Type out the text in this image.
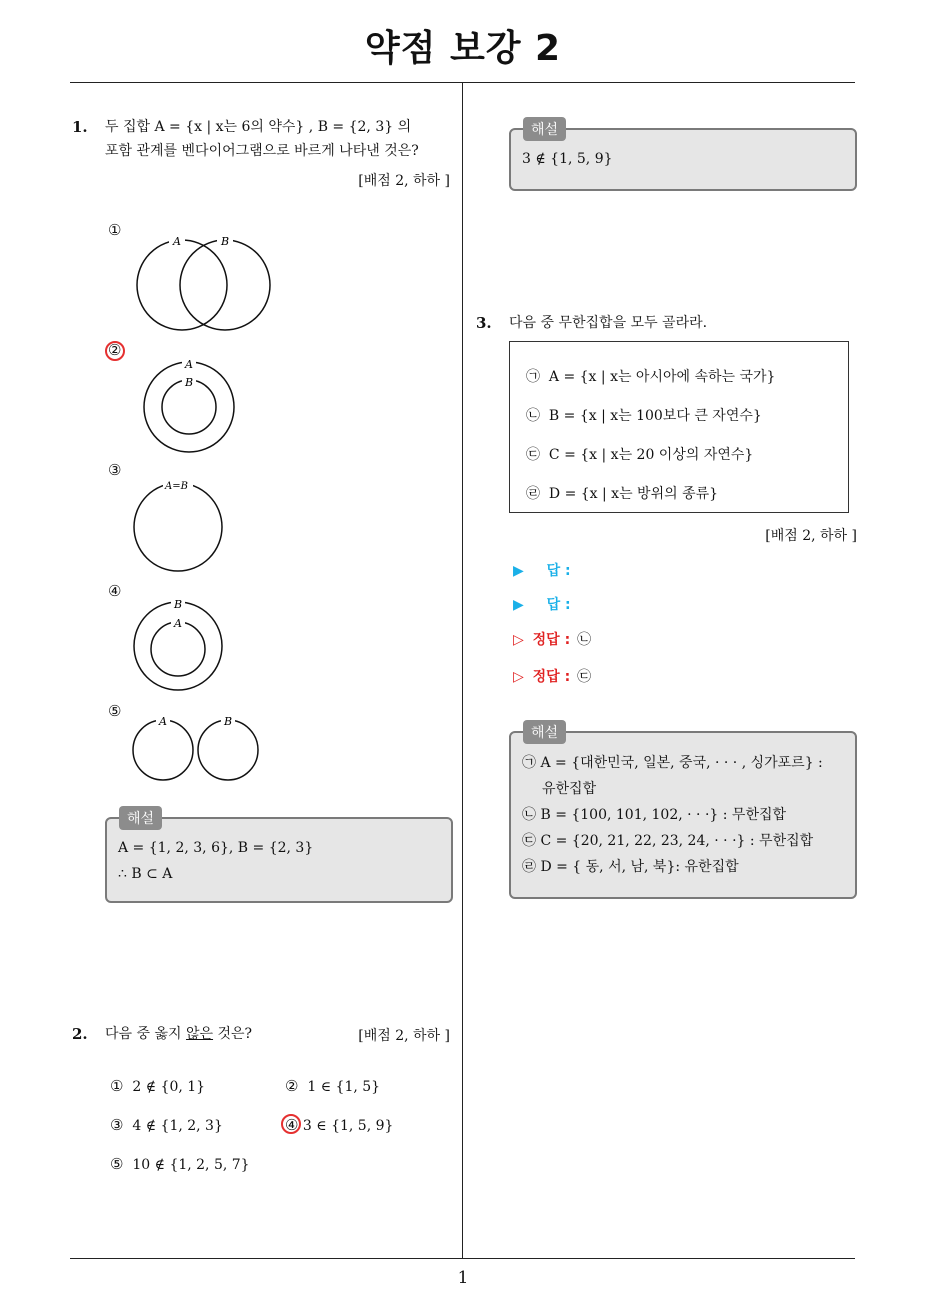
약점 보강 2
1
1. 두 집합 A = {x | x는 6의 약수} , B = {2, 3} 의
포함 관계를 벤다이어그램으로 바르게 나타낸 것은?
[배점 2, 하하 ]
①
A	B
②
A
B
③
A=B
④
B
A
⑤
A	B
해설
A = {1, 2, 3, 6}, B = {2, 3}
∴ B ⊂ A
2. 다음 중 옳지 않은 것은?	[배점 2, 하하 ]
① 2 ∉ {0, 1}	② 1 ∈ {1, 5}
③ 4 ∉ {1, 2, 3}	④ 3 ∈ {1, 5, 9}
⑤ 10 ∉ {1, 2, 5, 7}
해설
3 ∉ {1, 5, 9}
3. 다음 중 무한집합을 모두 골라라.
㉠ A = {x | x는 아시아에 속하는 국가}
㉡ B = {x | x는 100보다 큰 자연수}
㉢ C = {x | x는 20 이상의 자연수}
㉣ D = {x | x는 방위의 종류}
[배점 2, 하하 ]
▶ 답 :
▶ 답 :
▷ 정답 : ㉡
▷ 정답 : ㉢
해설
㉠ A = {대한민국, 일본, 중국, · · · , 싱가포르} :
유한집합
㉡ B = {100, 101, 102, · · ·} : 무한집합
㉢ C = {20, 21, 22, 23, 24, · · ·} : 무한집합
㉣ D = { 동, 서, 남, 북}: 유한집합
